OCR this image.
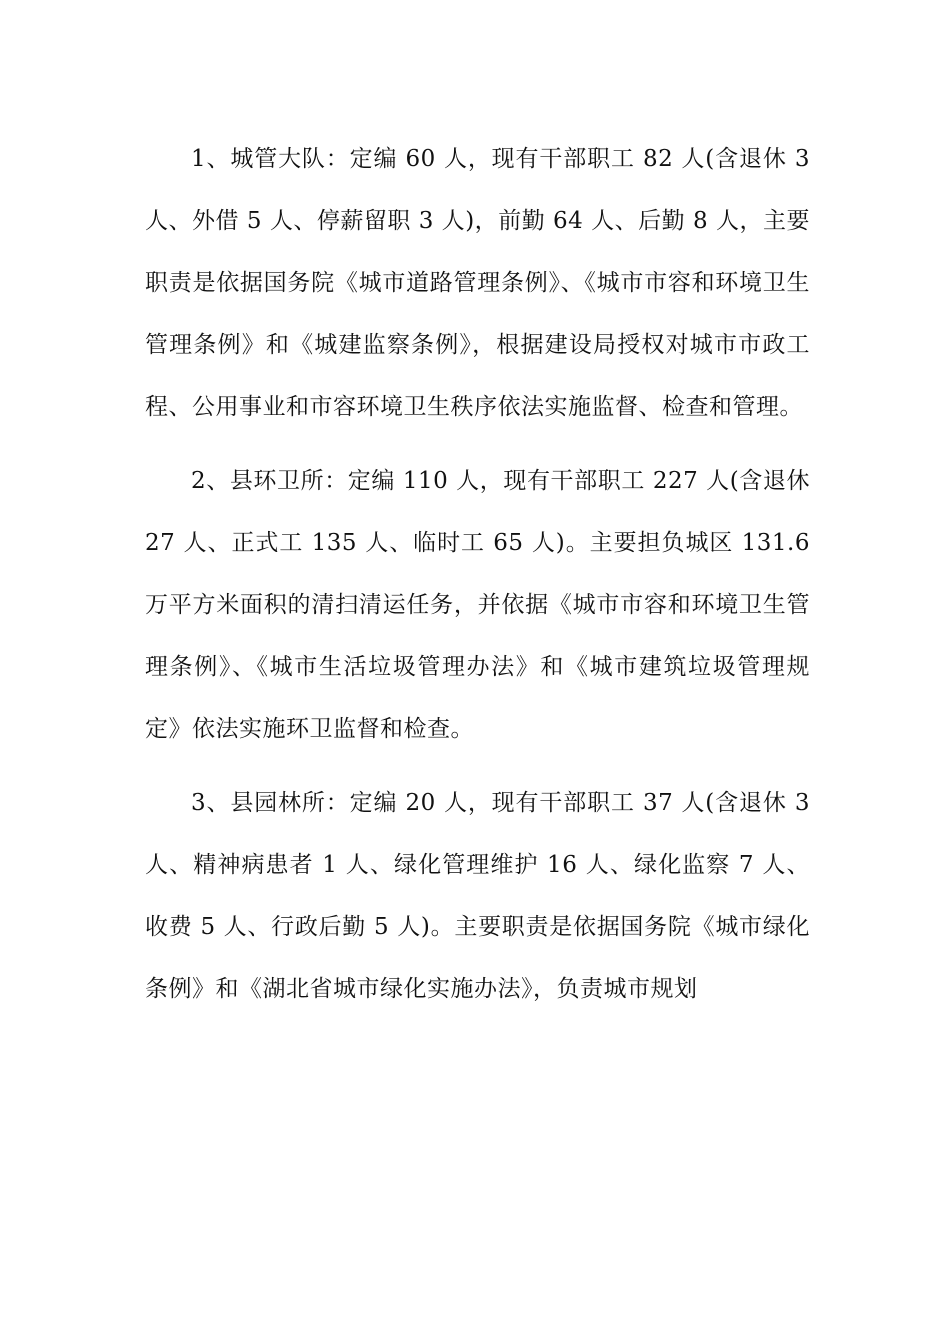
1、城管大队：定编 60 人，现有干部职工 82 人(含退休 3 人、外借 5 人、停薪留职 3 人)，前勤 64 人、后勤 8 人，主要职责是依据国务院《城市道路管理条例》、《城市市容和环境卫生管理条例》和《城建监察条例》，根据建设局授权对城市市政工程、公用事业和市容环境卫生秩序依法实施监督、检查和管理。

2、县环卫所：定编 110 人，现有干部职工 227 人(含退休 27 人、正式工 135 人、临时工 65 人)。主要担负城区 131.6 万平方米面积的清扫清运任务，并依据《城市市容和环境卫生管理条例》、《城市生活垃圾管理办法》和《城市建筑垃圾管理规定》依法实施环卫监督和检查。

3、县园林所：定编 20 人，现有干部职工 37 人(含退休 3 人、精神病患者 1 人、绿化管理维护 16 人、绿化监察 7 人、收费 5 人、行政后勤 5 人)。主要职责是依据国务院《城市绿化条例》和《湖北省城市绿化实施办法》，负责城市规划
